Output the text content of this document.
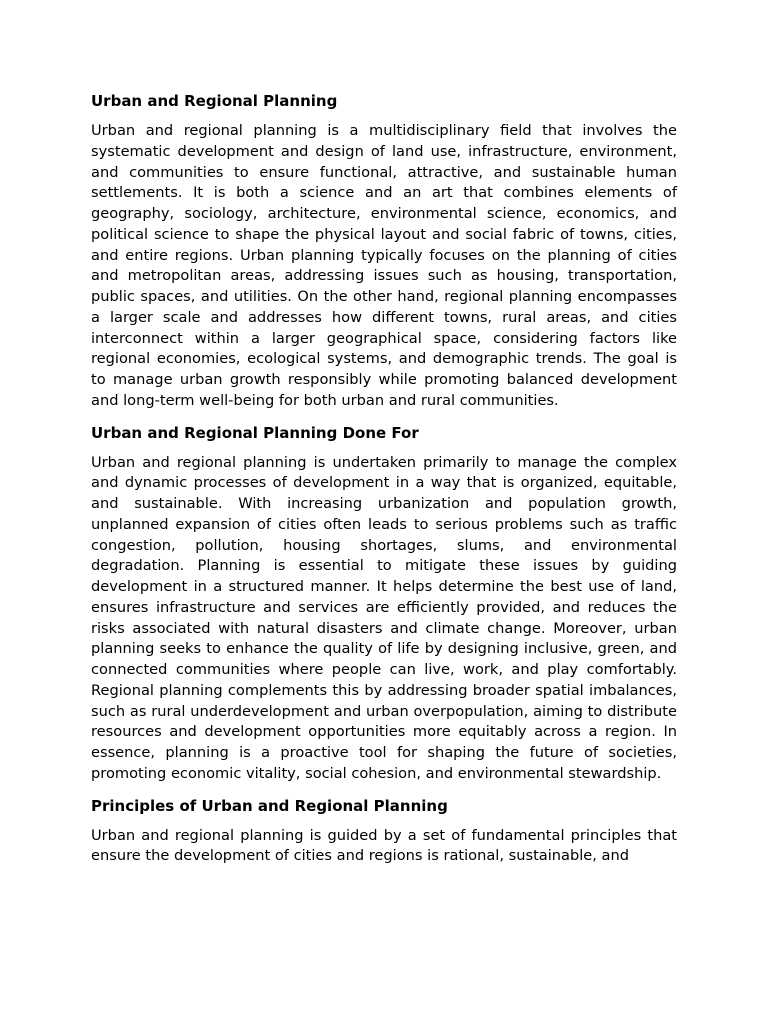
Urban and Regional Planning

Urban and regional planning is a multidisciplinary field that involves the systematic development and design of land use, infrastructure, environment, and communities to ensure functional, attractive, and sustainable human settlements. It is both a science and an art that combines elements of geography, sociology, architecture, environmental science, economics, and political science to shape the physical layout and social fabric of towns, cities, and entire regions. Urban planning typically focuses on the planning of cities and metropolitan areas, addressing issues such as housing, transportation, public spaces, and utilities. On the other hand, regional planning encompasses a larger scale and addresses how different towns, rural areas, and cities interconnect within a larger geographical space, considering factors like regional economies, ecological systems, and demographic trends. The goal is to manage urban growth responsibly while promoting balanced development and long-term well-being for both urban and rural communities.

Urban and Regional Planning Done For

Urban and regional planning is undertaken primarily to manage the complex and dynamic processes of development in a way that is organized, equitable, and sustainable. With increasing urbanization and population growth, unplanned expansion of cities often leads to serious problems such as traffic congestion, pollution, housing shortages, slums, and environmental degradation. Planning is essential to mitigate these issues by guiding development in a structured manner. It helps determine the best use of land, ensures infrastructure and services are efficiently provided, and reduces the risks associated with natural disasters and climate change. Moreover, urban planning seeks to enhance the quality of life by designing inclusive, green, and connected communities where people can live, work, and play comfortably. Regional planning complements this by addressing broader spatial imbalances, such as rural underdevelopment and urban overpopulation, aiming to distribute resources and development opportunities more equitably across a region. In essence, planning is a proactive tool for shaping the future of societies, promoting economic vitality, social cohesion, and environmental stewardship.

Principles of Urban and Regional Planning

Urban and regional planning is guided by a set of fundamental principles that ensure the development of cities and regions is rational, sustainable, and
